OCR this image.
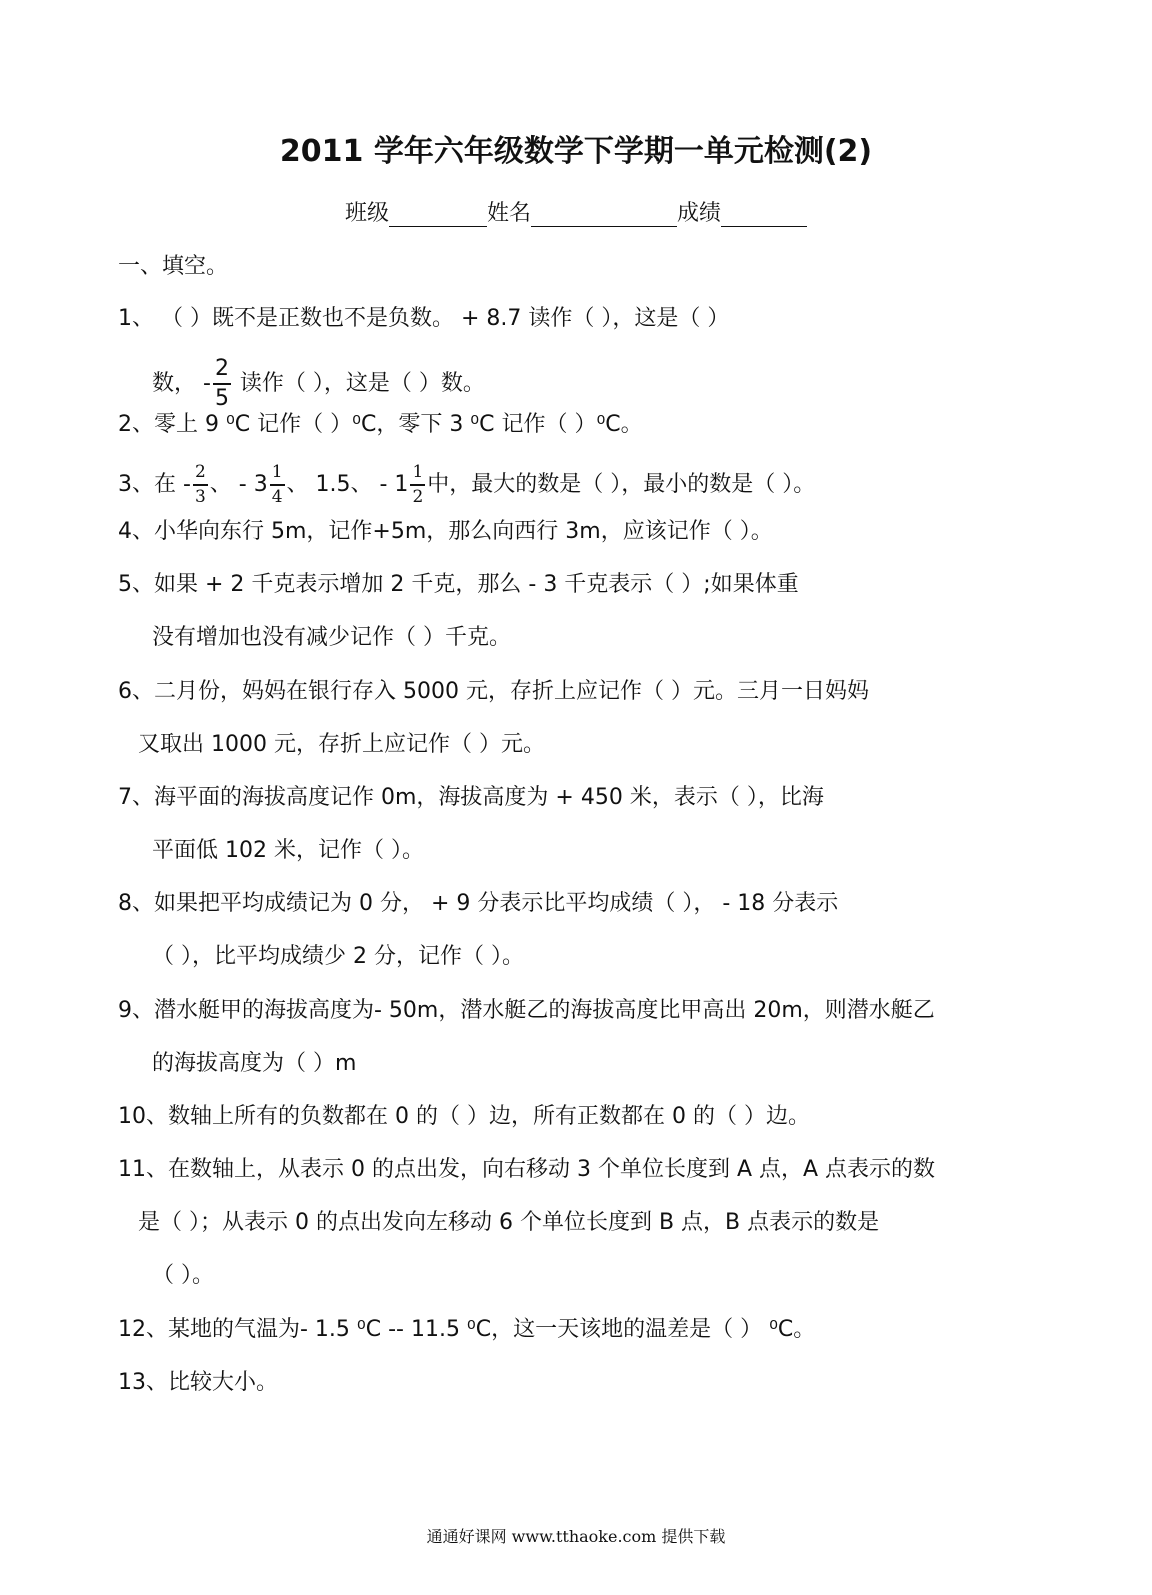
2011 学年六年级数学下学期一单元检测(2)
班级	姓名	成绩
一、填空。
1、 （ ）既不是正数也不是负数。 + 8.7 读作（ ），这是（ ）
数， - $\frac{2}{5}$ 读作（ ），这是（ ）数。
2、零上 9 ⁰C 记作（ ）⁰C，零下 3 ⁰C 记作（ ）⁰C。
3、在 - $\frac{2}{3}$ 、 - $3 \frac{1}{4}$ 、 1.5、 - $1 \frac{1}{2}$ 中，最大的数是（ ），最小的数是（ ）。
4、小华向东行 5m，记作+5m，那么向西行 3m，应该记作（ ）。
5、如果 + 2 千克表示增加 2 千克，那么 - 3 千克表示（ ）;如果体重
没有增加也没有减少记作（ ）千克。
6、二月份，妈妈在银行存入 5000 元，存折上应记作（ ）元。三月一日妈妈
又取出 1000 元，存折上应记作（ ）元。
7、海平面的海拔高度记作 0m，海拔高度为 + 450 米，表示（ ），比海
平面低 102 米，记作（ ）。
8、如果把平均成绩记为 0 分， + 9 分表示比平均成绩（ ）， - 18 分表示
（ ），比平均成绩少 2 分，记作（ ）。
9、潜水艇甲的海拔高度为- 50m，潜水艇乙的海拔高度比甲高出 20m，则潜水艇乙
的海拔高度为（ ）m
10、数轴上所有的负数都在 0 的（ ）边，所有正数都在 0 的（ ）边。
11、在数轴上，从表示 0 的点出发，向右移动 3 个单位长度到 A 点，A 点表示的数
是（ ）；从表示 0 的点出发向左移动 6 个单位长度到 B 点，B 点表示的数是
（ ）。
12、某地的气温为- 1.5 ⁰C -- 11.5 ⁰C，这一天该地的温差是（ ） ⁰C。
13、比较大小。
通通好课网 www.tthaoke.com 提供下载
